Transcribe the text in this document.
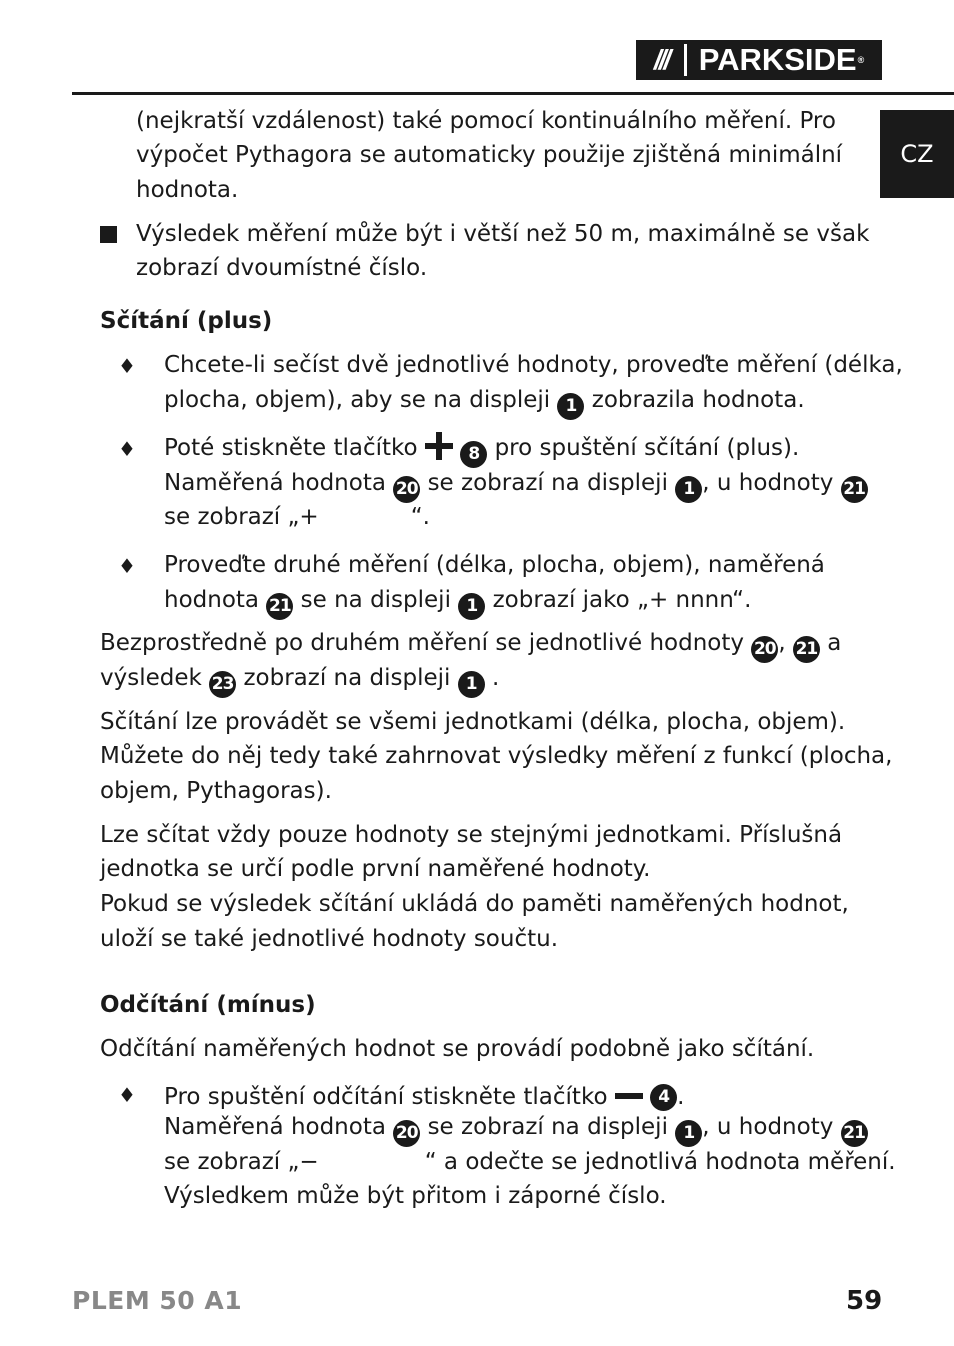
/// PARKSIDE ®
CZ

(nejkratší vzdálenost) také pomocí kontinuálního měření. Pro

výpočet Pythagora se automaticky použije zjištěná minimální

hodnota.

Výsledek měření může být i větší než 50 m, maximálně se však

zobrazí dvoumístné číslo.

Sčítání (plus)
♦ Chcete-li sečíst dvě jednotlivé hodnoty, proveďte měření (délka,

plocha, objem), aby se na displeji 1 zobrazila hodnota.

♦ Poté stiskněte tlačítko	8 pro spuštění sčítání (plus).

Naměřená hodnota 20 se zobrazí na displeji 1 , u hodnoty 21

se zobrazí „+	“.

♦ Proveďte druhé měření (délka, plocha, objem), naměřená

hodnota 21 se na displeji 1 zobrazí jako „+ nnnn“.

Bezprostředně po druhém měření se jednotlivé hodnoty 20 , 21 a

výsledek 23 zobrazí na displeji 1 .

Sčítání lze provádět se všemi jednotkami (délka, plocha, objem).

Můžete do něj tedy také zahrnovat výsledky měření z funkcí (plocha,

objem, Pythagoras).

Lze sčítat vždy pouze hodnoty se stejnými jednotkami. Příslušná

jednotka se určí podle první naměřené hodnoty.

Pokud se výsledek sčítání ukládá do paměti naměřených hodnot,

uloží se také jednotlivé hodnoty součtu.

Odčítání (mínus)

Odčítání naměřených hodnot se provádí podobně jako sčítání.

♦ Pro spuštění odčítání stiskněte tlačítko	4 .

Naměřená hodnota 20 se zobrazí na displeji 1 , u hodnoty 21

se zobrazí „−	“ a odečte se jednotlivá hodnota měření.

Výsledkem může být přitom i záporné číslo.

PLEM 50 A1	59
